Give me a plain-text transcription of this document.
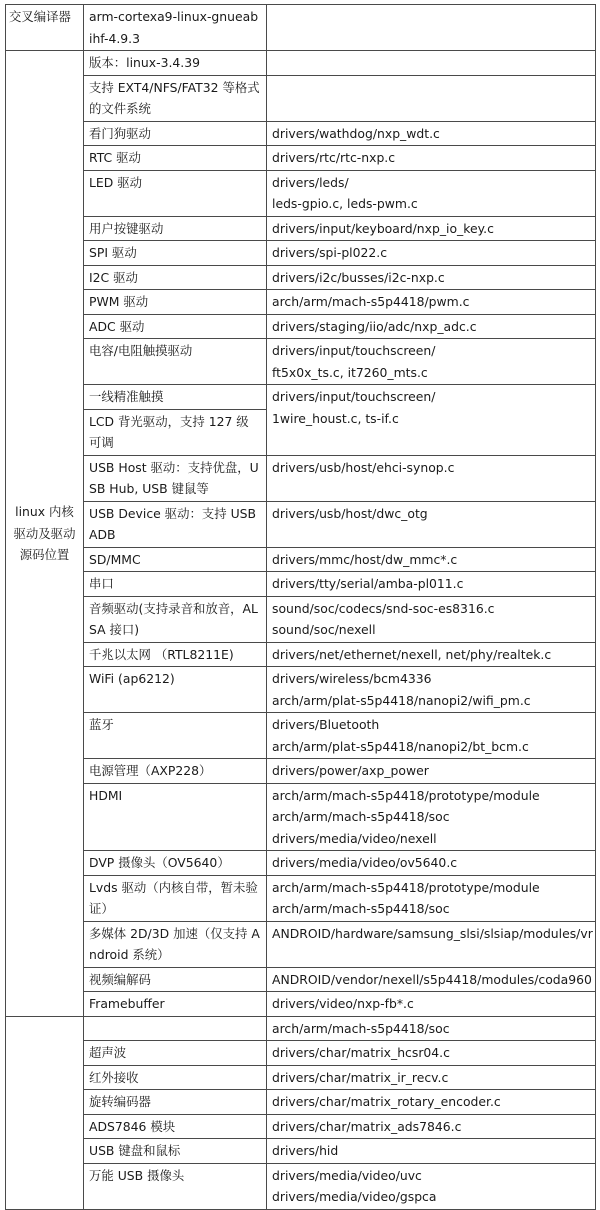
交叉编译器	arm-cortexa9-linux-gnueabihf-4.9.3	
linux 内核驱动及驱动源码位置	版本：linux-3.4.39	
	支持 EXT4/NFS/FAT32 等格式的文件系统	
	看门狗驱动	drivers/wathdog/nxp_wdt.c

	RTC 驱动	drivers/rtc/rtc-nxp.c

	LED 驱动	drivers/leds/
leds-gpio.c, leds-pwm.c

	用户按键驱动	drivers/input/keyboard/nxp_io_key.c

	SPI 驱动	drivers/spi-pl022.c

	I2C 驱动	drivers/i2c/busses/i2c-nxp.c

	PWM 驱动	arch/arm/mach-s5p4418/pwm.c

	ADC 驱动	drivers/staging/iio/adc/nxp_adc.c

	电容/电阻触摸驱动	drivers/input/touchscreen/
ft5x0x_ts.c, it7260_mts.c

	一线精准触摸	drivers/input/touchscreen/
1wire_houst.c, ts-if.c

	LCD 背光驱动，支持 127 级可调	
	USB Host 驱动：支持优盘，USB Hub, USB 键鼠等	drivers/usb/host/ehci-synop.c

	USB Device 驱动：支持 USB ADB	drivers/usb/host/dwc_otg

	SD/MMC	drivers/mmc/host/dw_mmc*.c

	串口	drivers/tty/serial/amba-pl011.c

	音频驱动(支持录音和放音，ALSA 接口)	sound/soc/codecs/snd-soc-es8316.c
sound/soc/nexell

	千兆以太网 （RTL8211E)	drivers/net/ethernet/nexell, net/phy/realtek.c

	WiFi (ap6212)	drivers/wireless/bcm4336
arch/arm/plat-s5p4418/nanopi2/wifi_pm.c

	蓝牙	drivers/Bluetooth
arch/arm/plat-s5p4418/nanopi2/bt_bcm.c

	电源管理（AXP228）	drivers/power/axp_power

	HDMI	arch/arm/mach-s5p4418/prototype/module
arch/arm/mach-s5p4418/soc
drivers/media/video/nexell

	DVP 摄像头（OV5640）	drivers/media/video/ov5640.c

	Lvds 驱动（内核自带，暂未验证）	arch/arm/mach-s5p4418/prototype/module
arch/arm/mach-s5p4418/soc

	多媒体 2D/3D 加速（仅支持 Android 系统）	ANDROID/hardware/samsung_slsi/slsiap/modules/vr

	视频编解码	ANDROID/vendor/nexell/s5p4418/modules/coda960

	Framebuffer	drivers/video/nxp-fb*.c

		arch/arm/mach-s5p4418/soc

	超声波	drivers/char/matrix_hcsr04.c

	红外接收	drivers/char/matrix_ir_recv.c

	旋转编码器	drivers/char/matrix_rotary_encoder.c

	ADS7846 模块	drivers/char/matrix_ads7846.c

	USB 键盘和鼠标	drivers/hid

	万能 USB 摄像头	drivers/media/video/uvc
drivers/media/video/gspca
